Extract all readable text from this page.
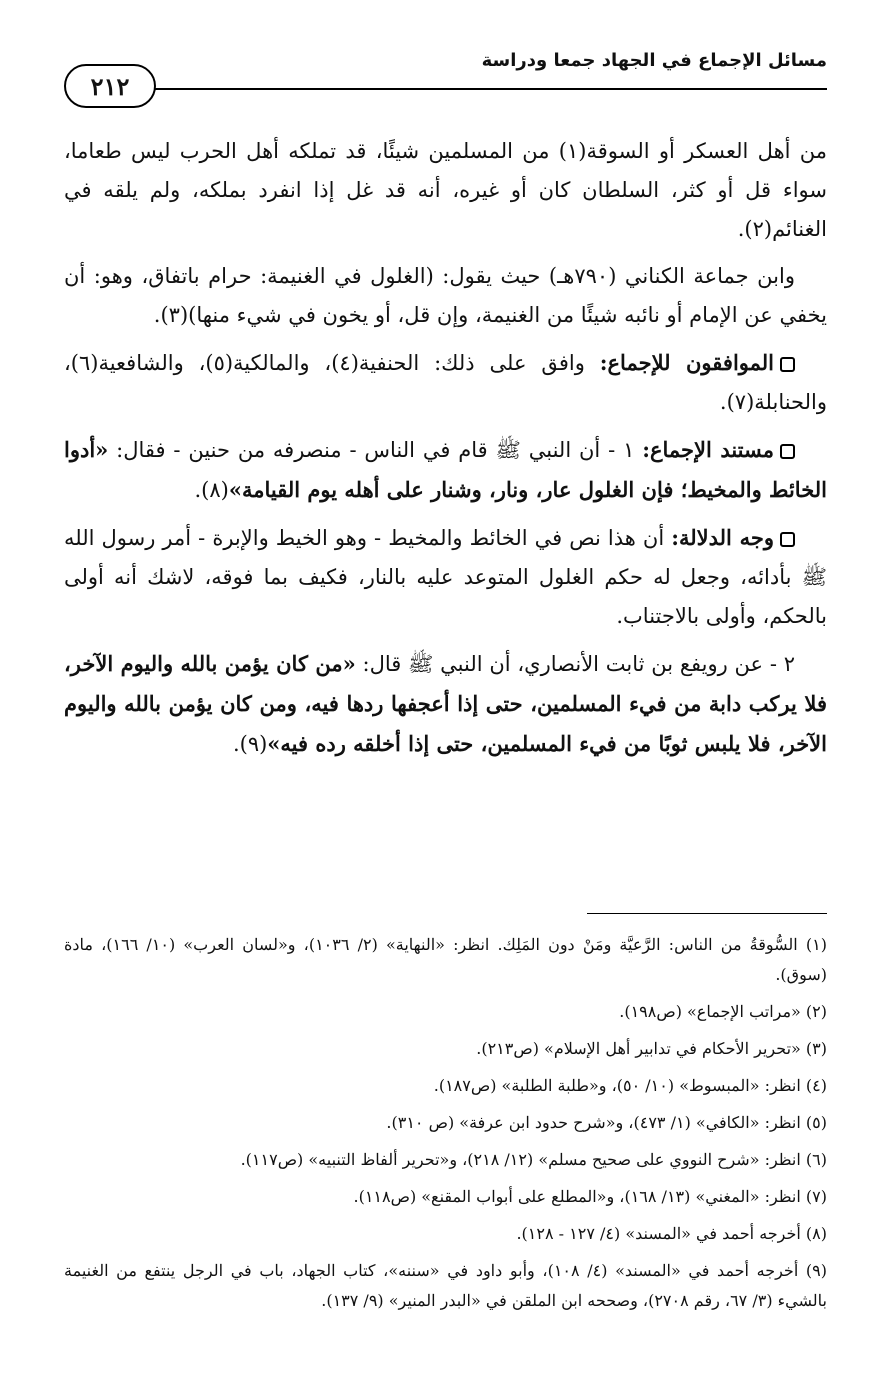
مسائل الإجماع في الجهاد جمعا ودراسة
٢١٢

من أهل العسكر أو السوقة(١) من المسلمين شيئًا، قد تملكه أهل الحرب ليس طعاما، سواء قل أو كثر، السلطان كان أو غيره، أنه قد غل إذا انفرد بملكه، ولم يلقه في الغنائم(٢).

وابن جماعة الكناني (٧٩٠هـ) حيث يقول: (الغلول في الغنيمة: حرام باتفاق، وهو: أن يخفي عن الإمام أو نائبه شيئًا من الغنيمة، وإن قل، أو يخون في شيء منها)(٣).

الموافقون للإجماع: وافق على ذلك: الحنفية(٤)، والمالكية(٥)، والشافعية(٦)، والحنابلة(٧).

مستند الإجماع: ١ - أن النبي ﷺ قام في الناس - منصرفه من حنين - فقال: «أدوا الخائط والمخيط؛ فإن الغلول عار، ونار، وشنار على أهله يوم القيامة»(٨).

وجه الدلالة: أن هذا نص في الخائط والمخيط - وهو الخيط والإبرة - أمر رسول الله ﷺ بأدائه، وجعل له حكم الغلول المتوعد عليه بالنار، فكيف بما فوقه، لاشك أنه أولى بالحكم، وأولى بالاجتناب.

٢ - عن رويفع بن ثابت الأنصاري، أن النبي ﷺ قال: «من كان يؤمن بالله واليوم الآخر، فلا يركب دابة من فيء المسلمين، حتى إذا أعجفها ردها فيه، ومن كان يؤمن بالله واليوم الآخر، فلا يلبس ثوبًا من فيء المسلمين، حتى إذا أخلقه رده فيه»(٩).

(١) السُّوقةُ من الناس: الرَّعيَّة ومَنْ دون المَلِك. انظر: «النهاية» (٢/ ١٠٣٦)، و«لسان العرب» (١٠/ ١٦٦)، مادة (سوق).

(٢) «مراتب الإجماع» (ص١٩٨).

(٣) «تحرير الأحكام في تدابير أهل الإسلام» (ص٢١٣).

(٤) انظر: «المبسوط» (١٠/ ٥٠)، و«طلبة الطلبة» (ص١٨٧).

(٥) انظر: «الكافي» (١/ ٤٧٣)، و«شرح حدود ابن عرفة» (ص ٣١٠).

(٦) انظر: «شرح النووي على صحيح مسلم» (١٢/ ٢١٨)، و«تحرير ألفاظ التنبيه» (ص١١٧).

(٧) انظر: «المغني» (١٣/ ١٦٨)، و«المطلع على أبواب المقنع» (ص١١٨).

(٨) أخرجه أحمد في «المسند» (٤/ ١٢٧ - ١٢٨).

(٩) أخرجه أحمد في «المسند» (٤/ ١٠٨)، وأبو داود في «سننه»، كتاب الجهاد، باب في الرجل ينتفع من الغنيمة بالشيء (٣/ ٦٧، رقم ٢٧٠٨)، وصححه ابن الملقن في «البدر المنير» (٩/ ١٣٧).
